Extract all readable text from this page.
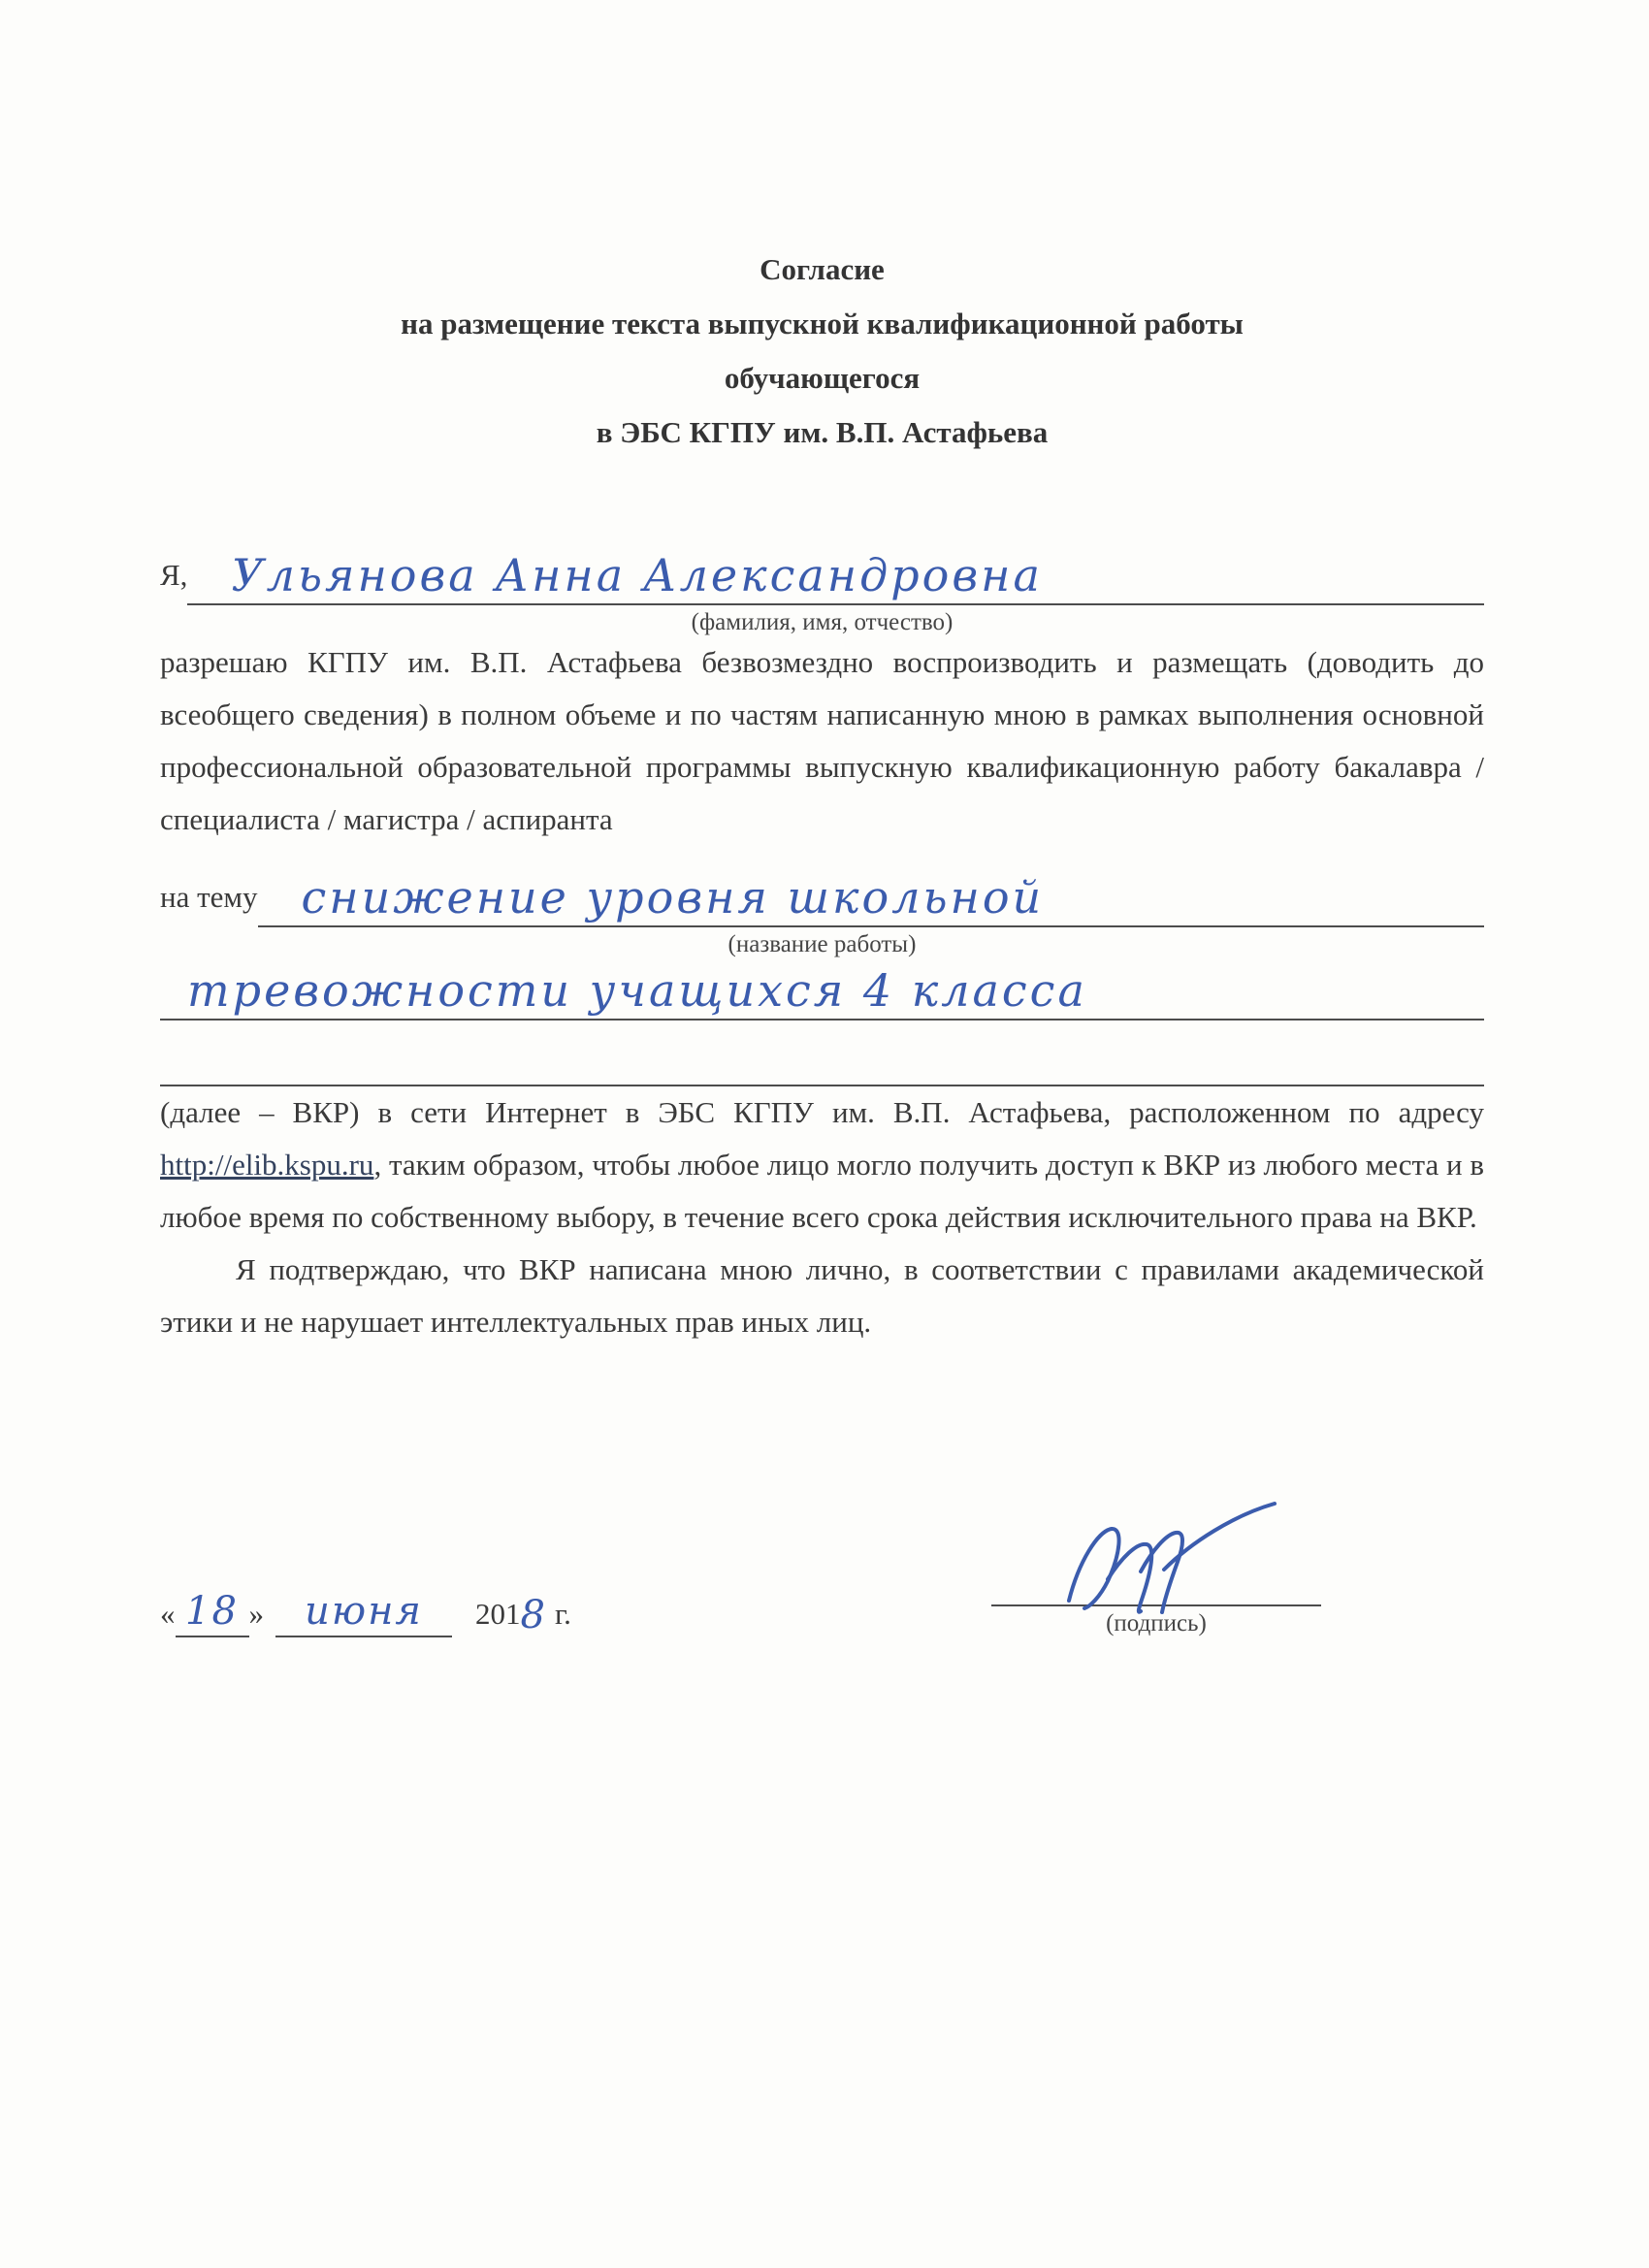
Согласие
на размещение текста выпускной квалификационной работы
обучающегося
в ЭБС КГПУ им. В.П. Астафьева
Я, Ульянова Анна Александровна
(фамилия, имя, отчество)

разрешаю КГПУ им. В.П. Астафьева безвозмездно воспроизводить и размещать (доводить до всеобщего сведения) в полном объеме и по частям написанную мною в рамках выполнения основной профессиональной образовательной программы выпускную квалификационную работу бакалавра / специалиста / магистра / аспиранта

на тему снижение уровня школьной
(название работы)
тревожности учащихся 4 класса

(далее – ВКР) в сети Интернет в ЭБС КГПУ им. В.П. Астафьева, расположенном по адресу http://elib.kspu.ru, таким образом, чтобы любое лицо могло получить доступ к ВКР из любого места и в любое время по собственному выбору, в течение всего срока действия исключительного права на ВКР.

Я подтверждаю, что ВКР написана мною лично, в соответствии с правилами академической этики и не нарушает интеллектуальных прав иных лиц.

« 18 »	июня	201 8 г.	(подпись)
